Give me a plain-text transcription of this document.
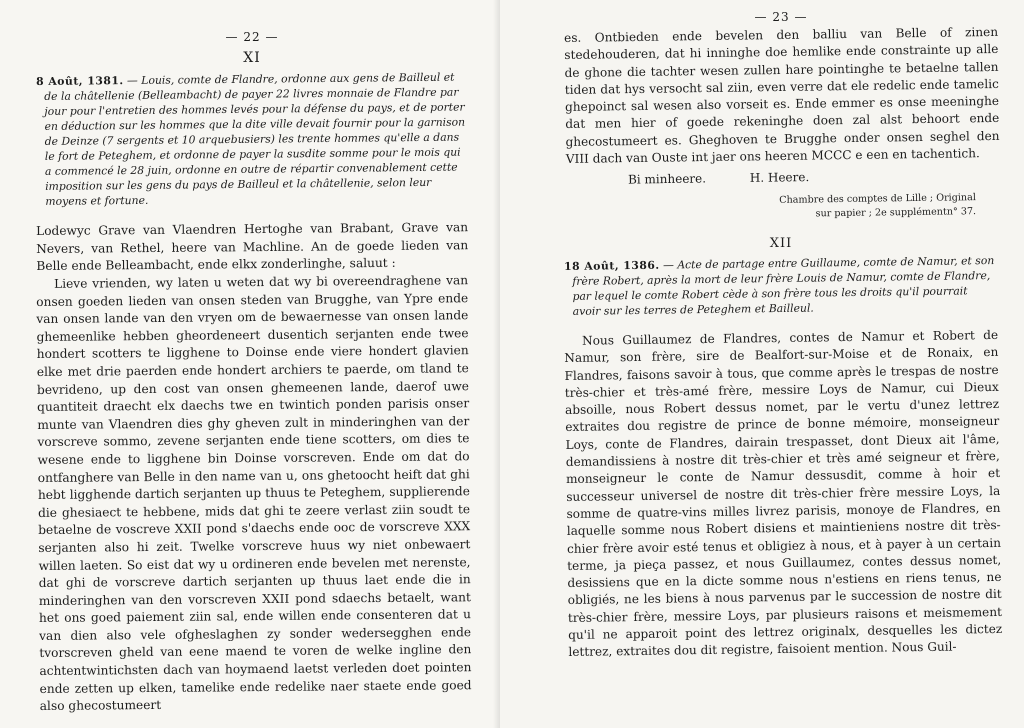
— 22 —
XI

8 Août, 1381. — Louis, comte de Flandre, ordonne aux gens de Bailleul et de la châtellenie (Belleambacht) de payer 22 livres monnaie de Flandre par jour pour l'entretien des hommes levés pour la défense du pays, et de porter en déduction sur les hommes que la dite ville devait fournir pour la garnison de Deinze (7 sergents et 10 arquebusiers) les trente hommes qu'elle a dans le fort de Peteghem, et ordonne de payer la susdite somme pour le mois qui a commencé le 28 juin, ordonne en outre de répartir convenablement cette imposition sur les gens du pays de Bailleul et la châtellenie, selon leur moyens et fortune.

Lodewyc Grave van Vlaendren Hertoghe van Brabant, Grave van Nevers, van Rethel, heere van Machline. An de goede lieden van Belle ende Belleambacht, ende elkx zonderlinghe, saluut :

Lieve vrienden, wy laten u weten dat wy bi overeendraghene van onsen goeden lieden van onsen steden van Brugghe, van Ypre ende van onsen lande van den vryen om de bewaernesse van onsen lande ghemeenlike hebben gheordeneert dusentich serjanten ende twee hondert scotters te ligghene to Doinse ende viere hondert glavien elke met drie paerden ende hondert archiers te paerde, om tland te bevrideno, up den cost van onsen ghemeenen lande, daerof uwe quantiteit draecht elx daechs twe en twintich ponden parisis onser munte van Vlaendren dies ghy gheven zult in minderinghen van der vorscreve sommo, zevene serjanten ende tiene scotters, om dies te wesene ende to ligghene bin Doinse vorscreven. Ende om dat do ontfanghere van Belle in den name van u, ons ghetoocht heift dat ghi hebt ligghende dartich serjanten up thuus te Peteghem, supplierende die ghesiaect te hebbene, mids dat ghi te zeere verlast ziin soudt te betaelne de voscreve XXII pond s'daechs ende ooc de vorscreve XXX serjanten also hi zeit. Twelke vorscreve huus wy niet onbewaert willen laeten. So eist dat wy u ordineren ende bevelen met nerenste, dat ghi de vorscreve dartich serjanten up thuus laet ende die in minderinghen van den vorscreven XXII pond sdaechs betaelt, want het ons goed paiement ziin sal, ende willen ende consenteren dat u van dien also vele ofgheslaghen zy sonder wedersegghen ende tvorscreven gheld van eene maend te voren de welke ingline den achtentwintichsten dach van hoymaend laetst verleden doet pointen ende zetten up elken, tamelike ende redelike naer staete ende goed also ghecostumeert

— 23 —

es. Ontbieden ende bevelen den balliu van Belle of zinen stedehouderen, dat hi inninghe doe hemlike ende constrainte up alle de ghone die tachter wesen zullen hare pointinghe te betaelne tallen tiden dat hys versocht sal ziin, even verre dat ele redelic ende tamelic ghepoinct sal wesen also vorseit es. Ende emmer es onse meeninghe dat men hier of goede rekeninghe doen zal alst behoort ende ghecostumeert es. Gheghoven te Brugghe onder onsen seghel den VIII dach van Ouste int jaer ons heeren MCCC e een en tachentich.

Bi minheere.	H. Heere.
Chambre des comptes de Lille ; Original
sur papier ; 2e supplémentn° 37.
XII

18 Août, 1386. — Acte de partage entre Guillaume, comte de Namur, et son frère Robert, après la mort de leur frère Louis de Namur, comte de Flandre, par lequel le comte Robert cède à son frère tous les droits qu'il pourrait avoir sur les terres de Peteghem et Bailleul.

Nous Guillaumez de Flandres, contes de Namur et Robert de Namur, son frère, sire de Bealfort-sur-Moise et de Ronaix, en Flandres, faisons savoir à tous, que comme après le trespas de nostre très-chier et très-amé frère, messire Loys de Namur, cui Dieux absoille, nous Robert dessus nomet, par le vertu d'unez lettrez extraites dou registre de prince de bonne mémoire, monseigneur Loys, conte de Flandres, dairain trespasset, dont Dieux ait l'âme, demandissiens à nostre dit très-chier et très amé seigneur et frère, monseigneur le conte de Namur dessusdit, comme à hoir et successeur universel de nostre dit très-chier frère messire Loys, la somme de quatre-vins milles livrez parisis, monoye de Flandres, en laquelle somme nous Robert disiens et maintieniens nostre dit très-chier frère avoir esté tenus et obligiez à nous, et à payer à un certain terme, ja pieça passez, et nous Guillaumez, contes dessus nomet, desissiens que en la dicte somme nous n'estiens en riens tenus, ne obligiés, ne les biens à nous parvenus par le succession de nostre dit très-chier frère, messire Loys, par plusieurs raisons et meismement qu'il ne apparoit point des lettrez originalx, desquelles les dictez lettrez, extraites dou dit registre, faisoient mention. Nous Guil-
